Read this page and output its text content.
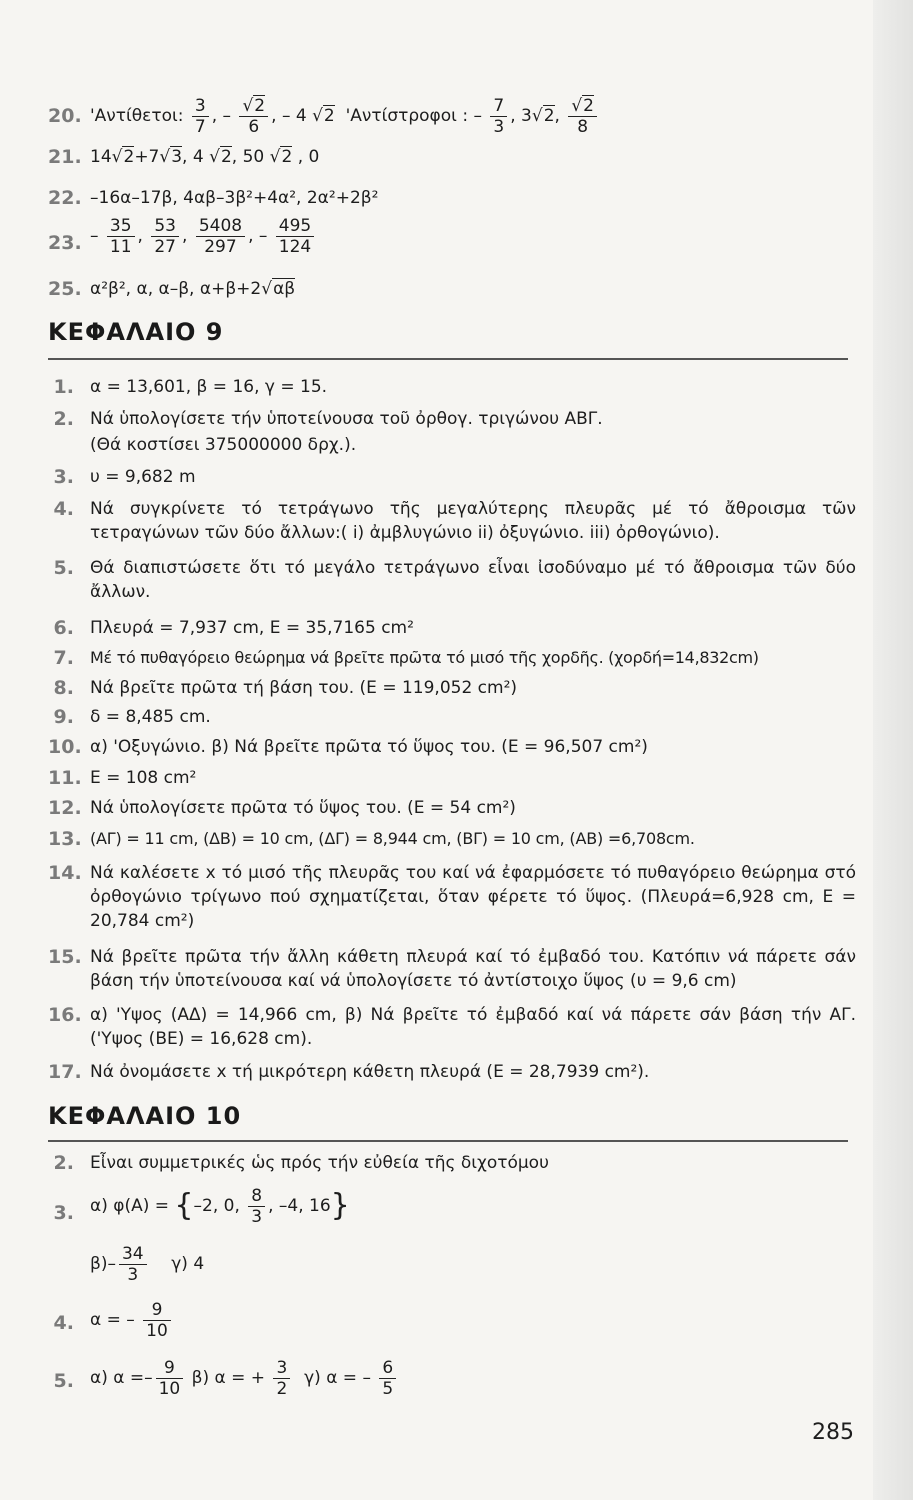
20. 'Αντίθετοι: $\frac{3}{7}$ , – $\frac{√2}{6}$ , – 4 √2 'Αντίστροφοι : – $\frac{7}{3}$ , 3√2, $\frac{√2}{8}$
21. 14√2+7√3, 4 √2, 50 √2 , 0
22. –16α–17β, 4αβ–3β²+4α², 2α²+2β²
23. – $\frac{35}{11}$ , $\frac{53}{27}$ , $\frac{5408}{297}$ , – $\frac{495}{124}$
25. α²β², α, α–β, α+β+2√αβ
ΚΕΦΑΛΑΙΟ 9
1. α = 13,601, β = 16, γ = 15.
2. Νά ὑπολογίσετε τήν ὑποτείνουσα τοῦ ὀρθογ. τριγώνου ΑΒΓ.
(Θά κοστίσει 375000000 δρχ.).
3. υ = 9,682 m
4. Νά συγκρίνετε τό τετράγωνο τῆς μεγαλύτερης πλευρᾶς μέ τό ἄθροισμα τῶν τετραγώνων τῶν δύο ἄλλων:( i) ἀμβλυγώνιο ii) ὀξυγώνιο. iii) ὀρθογώνιο).
5. Θά διαπιστώσετε ὅτι τό μεγάλο τετράγωνο εἶναι ἰσοδύναμο μέ τό ἄθροισμα τῶν δύο ἄλλων.
6. Πλευρά = 7,937 cm, E = 35,7165 cm²
7. Μέ τό πυθαγόρειο θεώρημα νά βρεῖτε πρῶτα τό μισό τῆς χορδῆς. (χορδή=14,832cm)
8. Νά βρεῖτε πρῶτα τή βάση του. (E = 119,052 cm²)
9. δ = 8,485 cm.
10. α) 'Οξυγώνιο. β) Νά βρεῖτε πρῶτα τό ὕψος του. (E = 96,507 cm²)
11. E = 108 cm²
12. Νά ὑπολογίσετε πρῶτα τό ὕψος του. (E = 54 cm²)
13. (ΑΓ) = 11 cm, (ΔΒ) = 10 cm, (ΔΓ) = 8,944 cm, (ΒΓ) = 10 cm, (ΑΒ) =6,708cm.
14. Νά καλέσετε x τό μισό τῆς πλευρᾶς του καί νά ἐφαρμόσετε τό πυθαγόρειο θεώρημα στό ὀρθογώνιο τρίγωνο πού σχηματίζεται, ὅταν φέρετε τό ὕψος. (Πλευρά=6,928 cm, E = 20,784 cm²)
15. Νά βρεῖτε πρῶτα τήν ἄλλη κάθετη πλευρά καί τό ἐμβαδό του. Κατόπιν νά πάρετε σάν βάση τήν ὑποτείνουσα καί νά ὑπολογίσετε τό ἀντίστοιχο ὕψος (υ = 9,6 cm)
16. α) 'Υψος (ΑΔ) = 14,966 cm, β) Νά βρεῖτε τό ἐμβαδό καί νά πάρετε σάν βάση τήν ΑΓ. ('Υψος (ΒΕ) = 16,628 cm).
17. Νά ὀνομάσετε x τή μικρότερη κάθετη πλευρά (E = 28,7939 cm²).
ΚΕΦΑΛΑΙΟ 10
2. Εἶναι συμμετρικές ὡς πρός τήν εὐθεία τῆς διχοτόμου
3. α) φ(Α) = {–2, 0, $\frac{8}{3}$ , –4, 16}
$\beta)- \frac{34}{3} \gamma$) 4
4. α = – $\frac{9}{10}$
5. α) $\alpha =- \frac{9}{10} \beta$) α = + $\frac{3}{2} \gamma$) α = – $\frac{6}{5}$
285
